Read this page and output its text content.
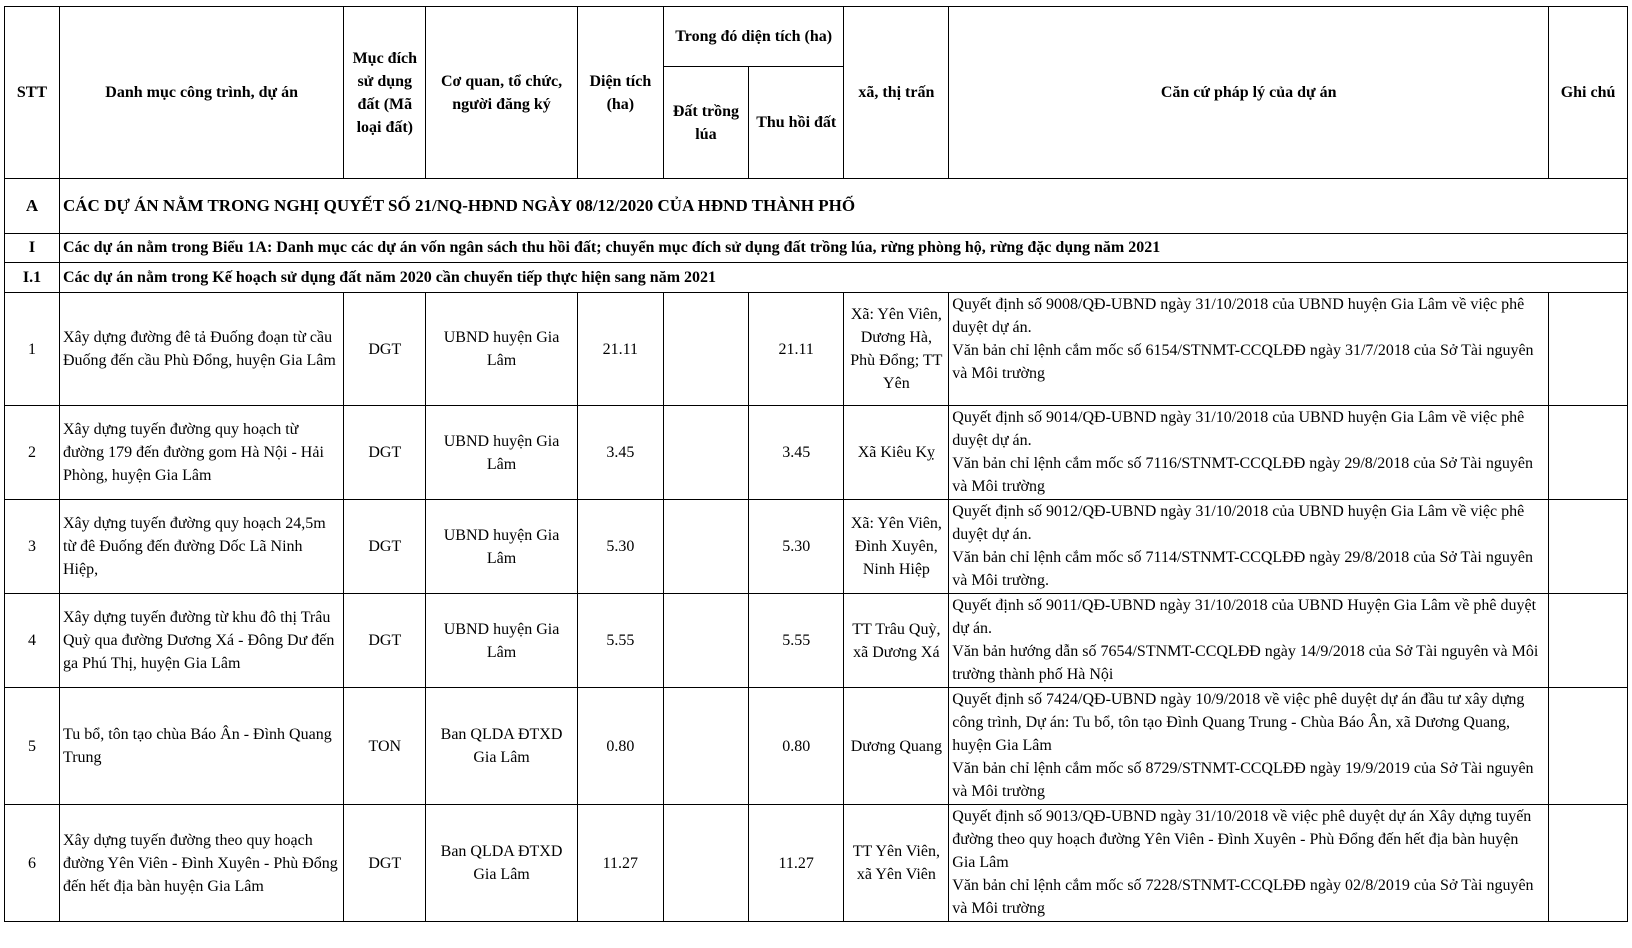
STT	Danh mục công trình, dự án	Mục đích sử dụng đất (Mã loại đất)	Cơ quan, tổ chức, người đăng ký	Diện tích (ha)	Trong đó diện tích (ha)		xã, thị trấn	Căn cứ pháp lý của dự án	Ghi chú
					Đất trồng lúa	Thu hồi đất			
A	CÁC DỰ ÁN NẰM TRONG NGHỊ QUYẾT SỐ 21/NQ-HĐND NGÀY 08/12/2020 CỦA HĐND THÀNH PHỐ								
I	Các dự án nằm trong Biểu 1A: Danh mục các dự án vốn ngân sách thu hồi đất; chuyển mục đích sử dụng đất trồng lúa, rừng phòng hộ, rừng đặc dụng năm 2021								
I.1	Các dự án nằm trong Kế hoạch sử dụng đất năm 2020 cần chuyển tiếp thực hiện sang năm 2021								
1	Xây dựng đường đê tả Đuống đoạn từ cầu Đuống đến cầu Phù Đổng, huyện Gia Lâm	DGT	UBND huyện Gia Lâm	21.11		21.11	Xã: Yên Viên, Dương Hà, Phù Đổng; TT Yên	Quyết định số 9008/QĐ-UBND ngày 31/10/2018 của UBND huyện Gia Lâm về việc phê duyệt dự án.
Văn bản chỉ lệnh cắm mốc số 6154/STNMT-CCQLĐĐ ngày 31/7/2018 của Sở Tài nguyên và Môi trường	

2	Xây dựng tuyến đường quy hoạch từ đường 179 đến đường gom Hà Nội - Hải Phòng, huyện Gia Lâm	DGT	UBND huyện Gia Lâm	3.45		3.45	Xã Kiêu Kỵ	Quyết định số 9014/QĐ-UBND ngày 31/10/2018 của UBND huyện Gia Lâm về việc phê duyệt dự án.
Văn bản chỉ lệnh cắm mốc số 7116/STNMT-CCQLĐĐ ngày 29/8/2018 của Sở Tài nguyên và Môi trường	

3	Xây dựng tuyến đường quy hoạch 24,5m từ đê Đuống đến đường Dốc Lã Ninh Hiệp,	DGT	UBND huyện Gia Lâm	5.30		5.30	Xã: Yên Viên, Đình Xuyên, Ninh Hiệp	Quyết định số 9012/QĐ-UBND ngày 31/10/2018 của UBND huyện Gia Lâm về việc phê duyệt dự án.
Văn bản chỉ lệnh cắm mốc số 7114/STNMT-CCQLĐĐ ngày 29/8/2018 của Sở Tài nguyên và Môi trường.	

4	Xây dựng tuyến đường từ khu đô thị Trâu Quỳ qua đường Dương Xá - Đông Dư đến ga Phú Thị, huyện Gia Lâm	DGT	UBND huyện Gia Lâm	5.55		5.55	TT Trâu Quỳ, xã Dương Xá	Quyết định số 9011/QĐ-UBND ngày 31/10/2018 của UBND Huyện Gia Lâm về phê duyệt dự án.
Văn bản hướng dẫn số 7654/STNMT-CCQLĐĐ ngày 14/9/2018 của Sở Tài nguyên và Môi trường thành phố Hà Nội	

5	Tu bổ, tôn tạo chùa Báo Ân - Đình Quang Trung	TON	Ban QLDA ĐTXD Gia Lâm	0.80		0.80	Dương Quang	Quyết định số 7424/QĐ-UBND ngày 10/9/2018 về việc phê duyệt dự án đầu tư xây dựng công trình, Dự án: Tu bổ, tôn tạo Đình Quang Trung - Chùa Báo Ân, xã Dương Quang, huyện Gia Lâm
Văn bản chỉ lệnh cắm mốc số 8729/STNMT-CCQLĐĐ ngày 19/9/2019 của Sở Tài nguyên và Môi trường	

6	Xây dựng tuyến đường theo quy hoạch đường Yên Viên - Đình Xuyên - Phù Đổng đến hết địa bàn huyện Gia Lâm	DGT	Ban QLDA ĐTXD Gia Lâm	11.27		11.27	TT Yên Viên, xã Yên Viên	Quyết định số 9013/QĐ-UBND ngày 31/10/2018 về việc phê duyệt dự án Xây dựng tuyến đường theo quy hoạch đường Yên Viên - Đình Xuyên - Phù Đổng đến hết địa bàn huyện Gia Lâm
Văn bản chỉ lệnh cắm mốc số 7228/STNMT-CCQLĐĐ ngày 02/8/2019 của Sở Tài nguyên và Môi trường	
